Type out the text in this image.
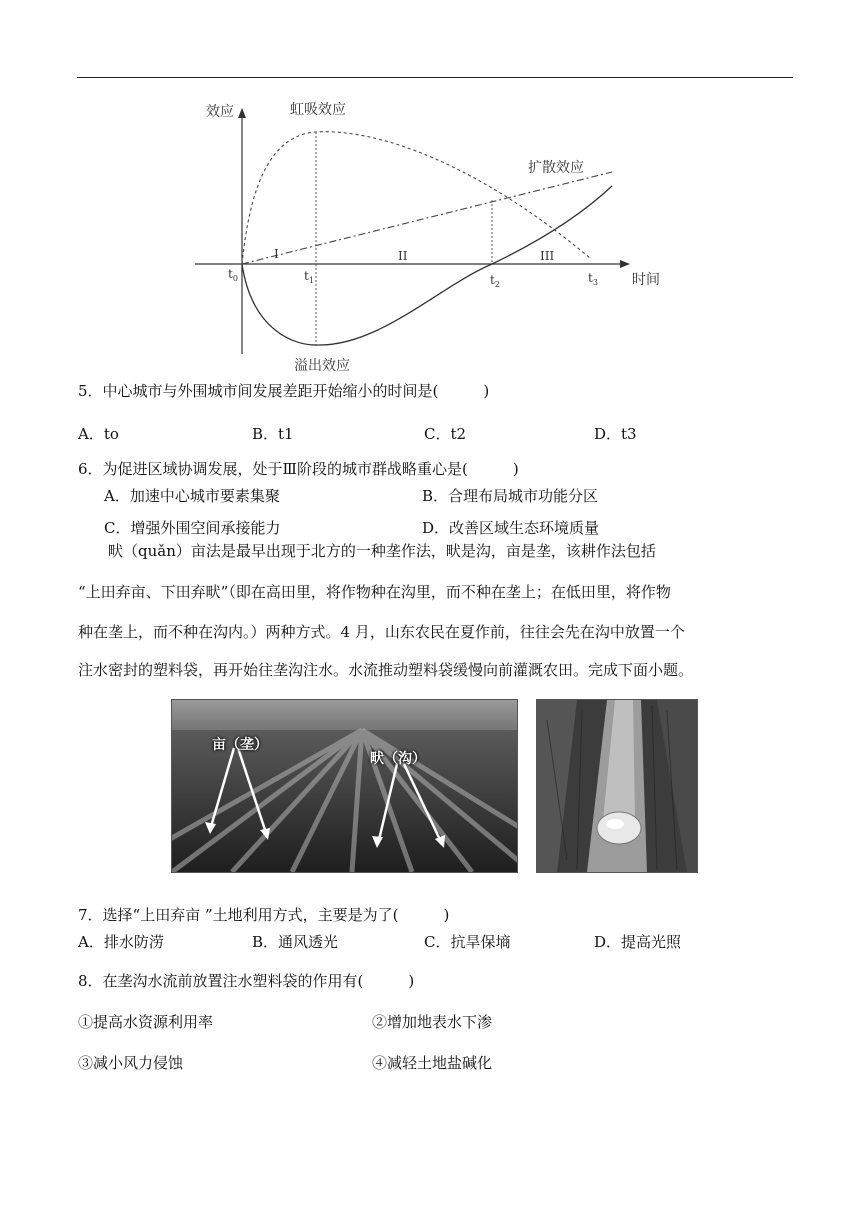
效应
时间
虹吸效应
扩散效应
溢出效应
I	II	III
$t_0$	$t_1$	$t_2$	$t_3$
5．中心城市与外围城市间发展差距开始缩小的时间是(　　　)
A．to	B．t1	C．t2	D．t3
6．为促进区域协调发展，处于Ⅲ阶段的城市群战略重心是(　　　)
A．加速中心城市要素集聚	B．合理布局城市功能分区
C．增强外围空间承接能力	D．改善区域生态环境质量
畎（quǎn）亩法是最早出现于北方的一种垄作法，畎是沟，亩是垄，该耕作法包括
“上田弃亩、下田弃畎”（即在高田里，将作物种在沟里，而不种在垄上；在低田里，将作物
种在垄上，而不种在沟内。）两种方式。4 月，山东农民在夏作前，往往会先在沟中放置一个
注水密封的塑料袋，再开始往垄沟注水。水流推动塑料袋缓慢向前灌溉农田。完成下面小题。
亩（垄）
畎（沟）
7．选择“上田弃亩 ”土地利用方式，主要是为了(　　　)
A．排水防涝	B．通风透光	C．抗旱保墒	D．提高光照
8．在垄沟水流前放置注水塑料袋的作用有(　　　)
①提高水资源利用率	②增加地表水下渗
③减小风力侵蚀	④减轻土地盐碱化
